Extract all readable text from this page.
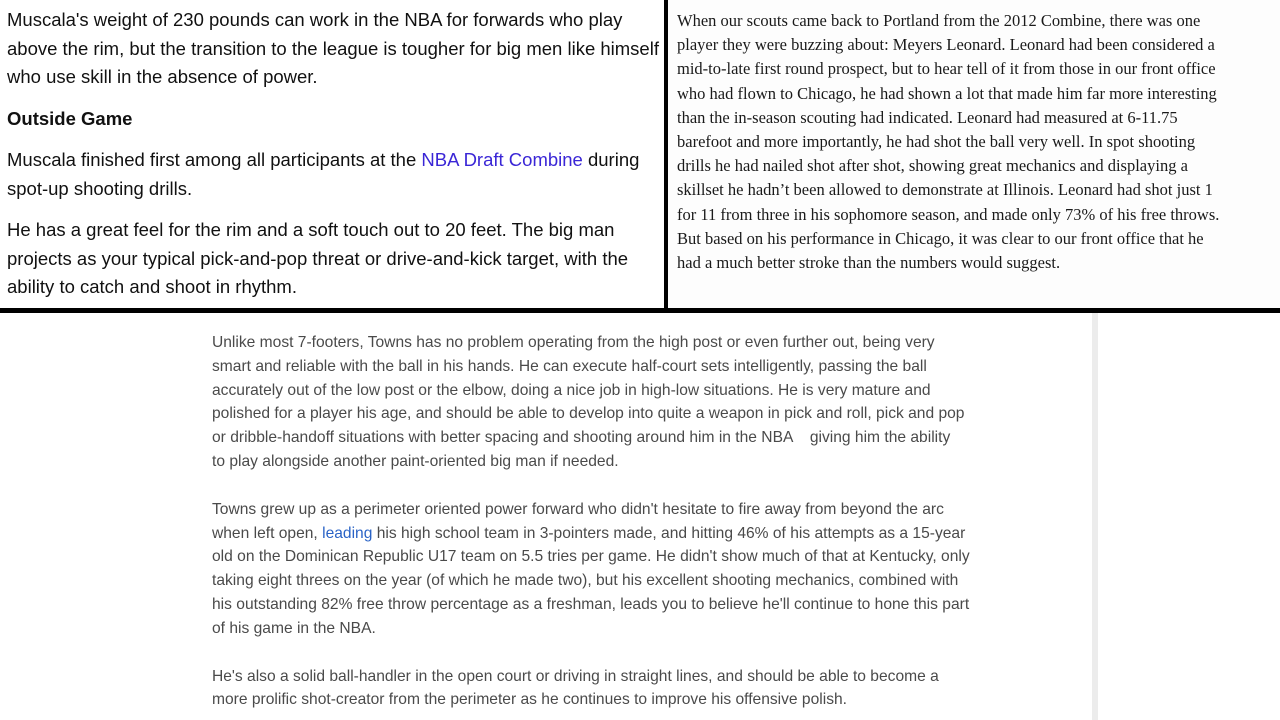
Muscala's weight of 230 pounds can work in the NBA for forwards who play above the rim, but the transition to the league is tougher for big men like himself who use skill in the absence of power.

Outside Game

Muscala finished first among all participants at the NBA Draft Combine during spot-up shooting drills.

He has a great feel for the rim and a soft touch out to 20 feet. The big man projects as your typical pick-and-pop threat or drive-and-kick target, with the ability to catch and shoot in rhythm.

When our scouts came back to Portland from the 2012 Combine, there was one
player they were buzzing about: Meyers Leonard. Leonard had been considered a
mid-to-late first round prospect, but to hear tell of it from those in our front office
who had flown to Chicago, he had shown a lot that made him far more interesting
than the in-season scouting had indicated. Leonard had measured at 6-11.75
barefoot and more importantly, he had shot the ball very well. In spot shooting
drills he had nailed shot after shot, showing great mechanics and displaying a
skillset he hadn’t been allowed to demonstrate at Illinois. Leonard had shot just 1
for 11 from three in his sophomore season, and made only 73% of his free throws.
But based on his performance in Chicago, it was clear to our front office that he
had a much better stroke than the numbers would suggest.
Unlike most 7-footers, Towns has no problem operating from the high post or even further out, being very
smart and reliable with the ball in his hands. He can execute half-court sets intelligently, passing the ball
accurately out of the low post or the elbow, doing a nice job in high-low situations. He is very mature and
polished for a player his age, and should be able to develop into quite a weapon in pick and roll, pick and pop
or dribble-handoff situations with better spacing and shooting around him in the NBA    giving him the ability
to play alongside another paint-oriented big man if needed.
Towns grew up as a perimeter oriented power forward who didn't hesitate to fire away from beyond the arc
when left open, leading his high school team in 3-pointers made, and hitting 46% of his attempts as a 15-year
old on the Dominican Republic U17 team on 5.5 tries per game. He didn't show much of that at Kentucky, only
taking eight threes on the year (of which he made two), but his excellent shooting mechanics, combined with
his outstanding 82% free throw percentage as a freshman, leads you to believe he'll continue to hone this part
of his game in the NBA.
He's also a solid ball-handler in the open court or driving in straight lines, and should be able to become a
more prolific shot-creator from the perimeter as he continues to improve his offensive polish.
